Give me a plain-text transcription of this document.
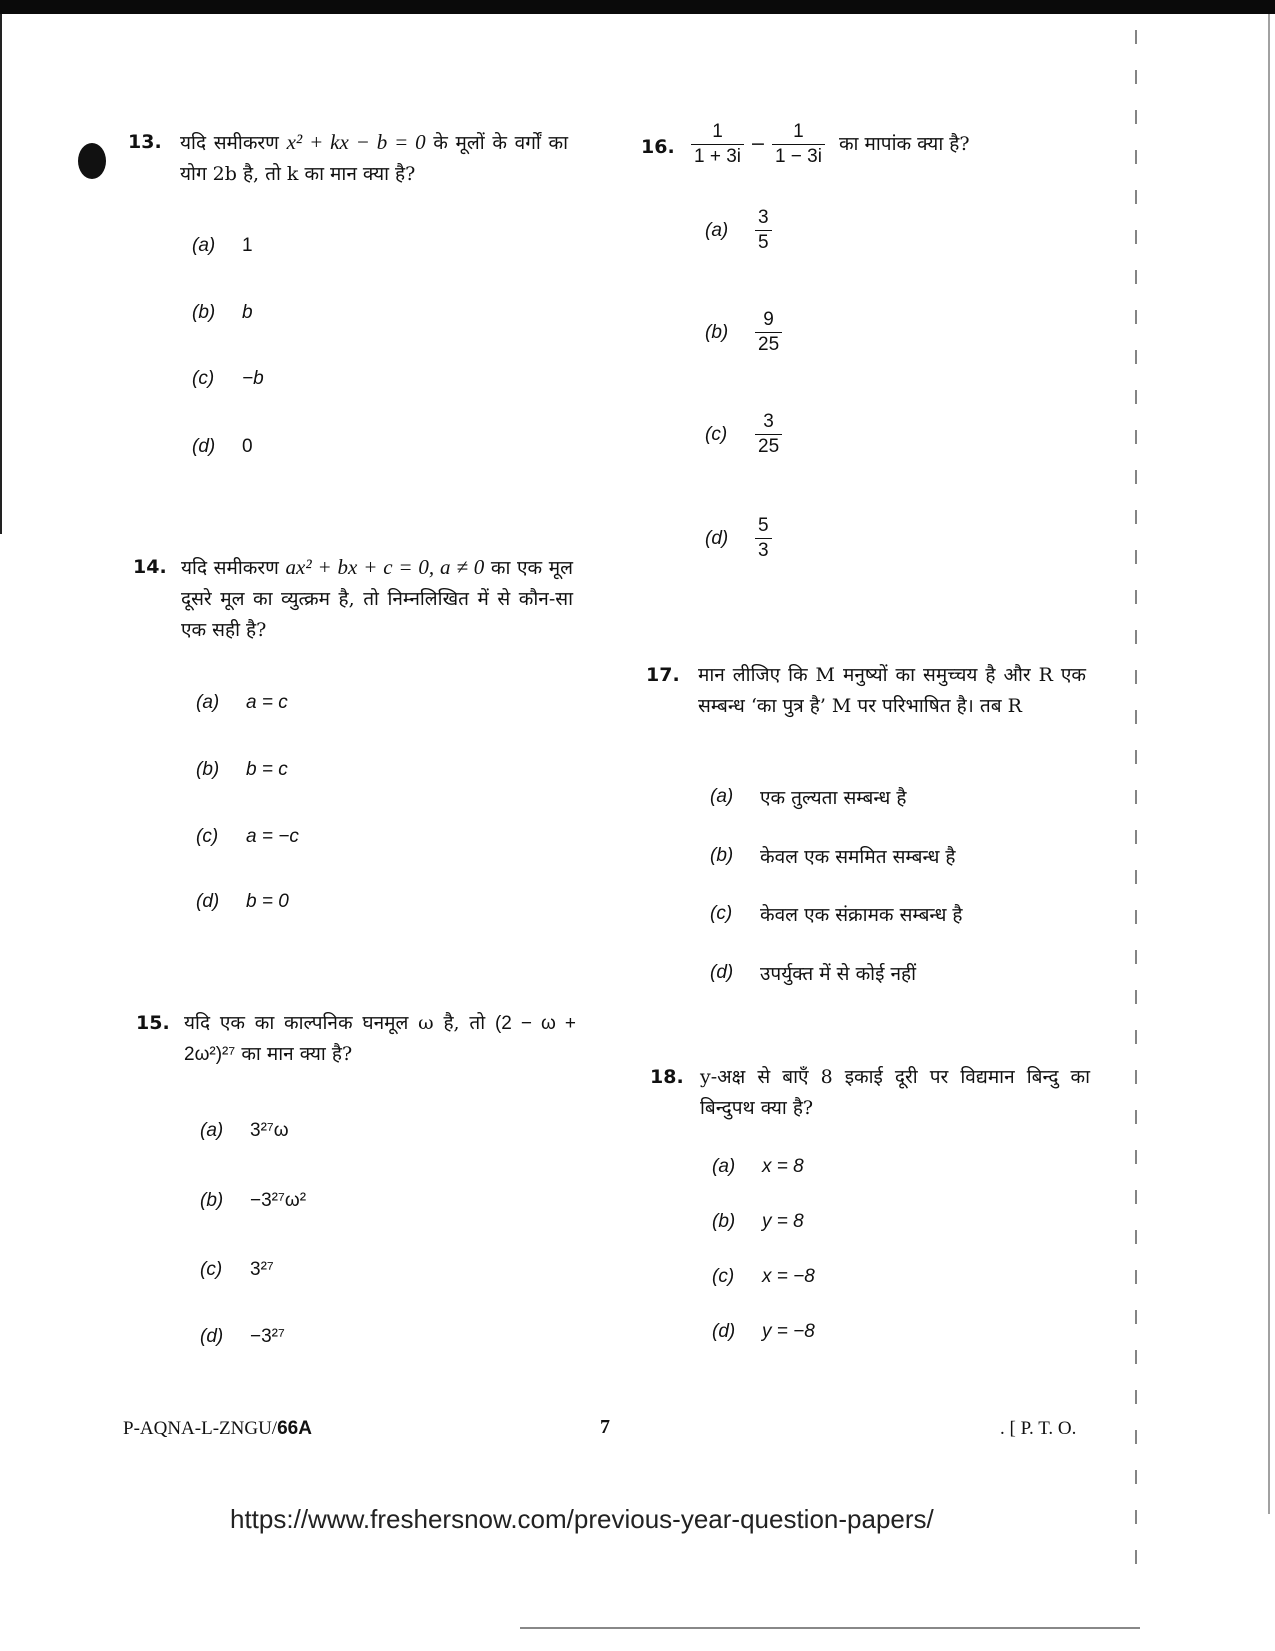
13. यदि समीकरण x² + kx − b = 0 के मूलों के वर्गों का योग 2b है, तो k का मान क्या है?
(a)	1
(b)	b
(c)	−b
(d)	0
14. यदि समीकरण ax² + bx + c = 0, a ≠ 0 का एक मूल दूसरे मूल का व्युत्क्रम है, तो निम्नलिखित में से कौन-सा एक सही है?
(a)	a = c
(b)	b = c
(c)	a = −c
(d)	b = 0
15. यदि एक का काल्पनिक घनमूल ω है, तो (2 − ω + 2ω²)²⁷ का मान क्या है?
(a)	3²⁷ω
(b)	−3²⁷ω²
(c)	3²⁷
(d)	−3²⁷
16. $\frac{1}{1 + 3i} - \frac{1}{1 - 3i}$ का मापांक क्या है?
(a)	$\frac{3}{5}$
(b)	$\frac{9}{25}$
(c)	$\frac{3}{25}$
(d)	$\frac{5}{3}$
17. मान लीजिए कि M मनुष्यों का समुच्चय है और R एक सम्बन्ध ‘का पुत्र है’ M पर परिभाषित है। तब R
(a)	एक तुल्यता सम्बन्ध है
(b)	केवल एक सममित सम्बन्ध है
(c)	केवल एक संक्रामक सम्बन्ध है
(d)	उपर्युक्त में से कोई नहीं
18. y-अक्ष से बाएँ 8 इकाई दूरी पर विद्यमान बिन्दु का बिन्दुपथ क्या है?
(a)	x = 8
(b)	y = 8
(c)	x = −8
(d)	y = −8
P-AQNA-L-ZNGU/66A	7	. [ P. T. O.
https://www.freshersnow.com/previous-year-question-papers/
